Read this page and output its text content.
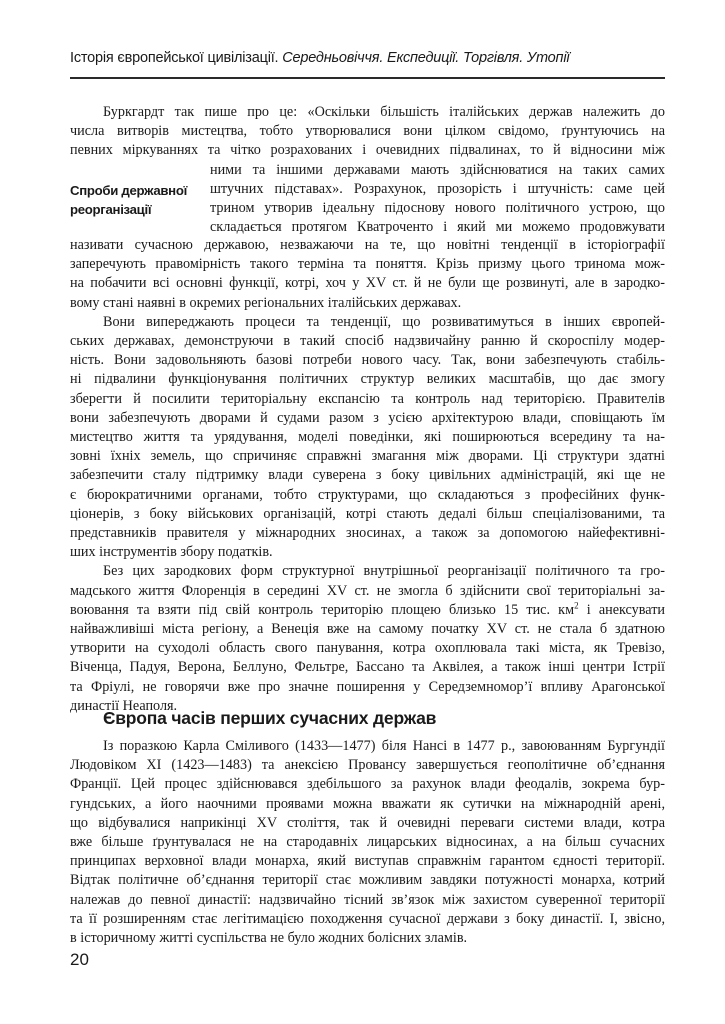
Історія європейської цивілізації. Середньовіччя. Експедиції. Торгівля. Утопії
Буркгардт так пише про це: «Оскільки більшість італійських держав належить до
числа витворів мистецтва, тобто утворювалися вони цілком свідомо, ґрунтуючись на
певних міркуваннях та чітко розрахованих і очевидних підвалинах, то й відносини між
Спроби державної
реорганізації
ними та іншими державами мають здійснюватися на таких самих
штучних підставах». Розрахунок, прозорість і штучність: саме цей
трином утворив ідеальну підоснову нового політичного устрою, що
складається протягом Кватроченто і який ми можемо продовжувати
називати сучасною державою, незважаючи на те, що новітні тенденції в історіографії
заперечують правомірність такого терміна та поняття. Крізь призму цього тринома мож-
на побачити всі основні функції, котрі, хоч у XV ст. й не були ще розвинуті, але в зародко-
вому стані наявні в окремих регіональних італійських державах.
Вони випереджають процеси та тенденції, що розвиватимуться в інших європей-
ських державах, демонструючи в такий спосіб надзвичайну ранню й скороспілу модер-
ність. Вони задовольняють базові потреби нового часу. Так, вони забезпечують стабіль-
ні підвалини функціонування політичних структур великих масштабів, що дає змогу
зберегти й посилити територіальну експансію та контроль над територією. Правителів
вони забезпечують дворами й судами разом з усією архітектурою влади, сповіщають їм
мистецтво життя та урядування, моделі поведінки, які поширюються всередину та на-
зовні їхніх земель, що спричиняє справжні змагання між дворами. Ці структури здатні
забезпечити сталу підтримку влади суверена з боку цивільних адміністрацій, які ще не
є бюрократичними органами, тобто структурами, що складаються з професійних функ-
ціонерів, з боку військових організацій, котрі стають дедалі більш спеціалізованими, та
представників правителя у міжнародних зносинах, а також за допомогою найефективні-
ших інструментів збору податків.
Без цих зародкових форм структурної внутрішньої реорганізації політичного та гро-
мадського життя Флоренція в середині XV ст. не змогла б здійснити свої територіальні за-
воювання та взяти під свій контроль територію площею близько 15 тис. $км^2$ і анексувати
найважливіші міста регіону, а Венеція вже на самому початку XV ст. не стала б здатною
утворити на суходолі область свого панування, котра охоплювала такі міста, як Тревізо,
Віченца, Падуя, Верона, Беллуно, Фельтре, Бассано та Аквілея, а також інші центри Істрії
та Фріулі, не говорячи вже про значне поширення у Середземномор’ї впливу Арагонської
династії Неаполя.
Європа часів перших сучасних держав
Із поразкою Карла Сміливого (1433—1477) біля Нансі в 1477 р., завоюванням Бургундії
Людовіком XI (1423—1483) та анексією Провансу завершується геополітичне об’єднання
Франції. Цей процес здійснювався здебільшого за рахунок влади феодалів, зокрема бур-
гундських, а його наочними проявами можна вважати як сутички на міжнародній арені,
що відбувалися наприкінці XV століття, так й очевидні переваги системи влади, котра
вже більше ґрунтувалася не на стародавніх лицарських відносинах, а на більш сучасних
принципах верховної влади монарха, який виступав справжнім гарантом єдності території.
Відтак політичне об’єднання території стає можливим завдяки потужності монарха, котрий
належав до певної династії: надзвичайно тісний зв’язок між захистом суверенної території
та її розширенням стає легітимацією походження сучасної держави з боку династії. І, звісно,
в історичному житті суспільства не було жодних болісних зламів.
20
